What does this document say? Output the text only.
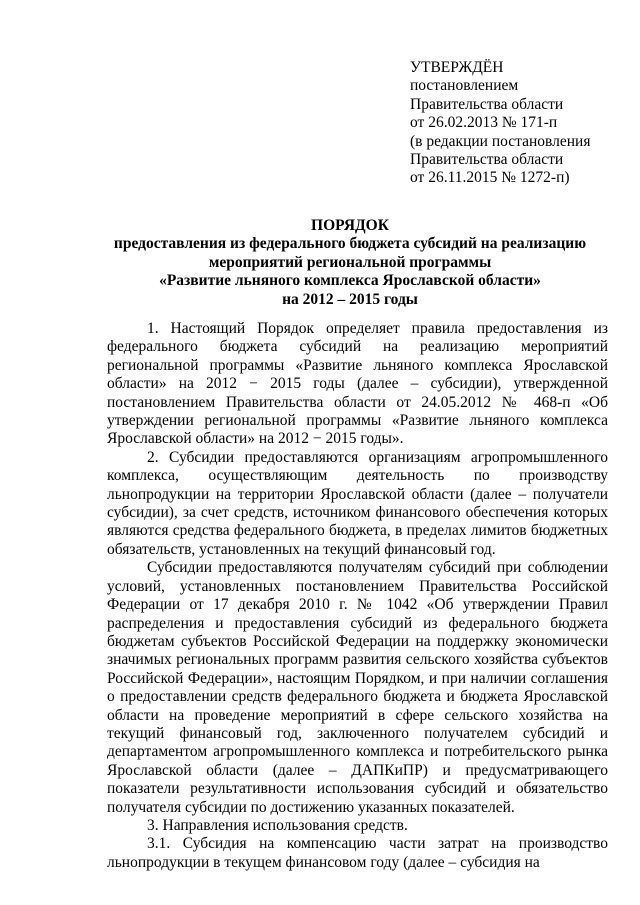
УТВЕРЖДЁН
постановлением
Правительства области
от 26.02.2013 № 171-п
(в редакции постановления
Правительства области
от 26.11.2015 № 1272-п)
ПОРЯДОК
предоставления из федерального бюджета субсидий на реализацию
мероприятий региональной программы
«Развитие льняного комплекса Ярославской области»
на 2012 – 2015 годы

1. Настоящий Порядок определяет правила предоставления из федерального бюджета субсидий на реализацию мероприятий региональной программы «Развитие льняного комплекса Ярославской области» на 2012 − 2015 годы (далее – субсидии), утвержденной постановлением Правительства области от 24.05.2012 № 468-п «Об утверждении региональной программы «Развитие льняного комплекса Ярославской области» на 2012 − 2015 годы».

2. Субсидии предоставляются организациям агропромышленного комплекса, осуществляющим деятельность по производству льнопродукции на территории Ярославской области (далее – получатели субсидии), за счет средств, источником финансового обеспечения которых являются средства федерального бюджета, в пределах лимитов бюджетных обязательств, установленных на текущий финансовый год.

Субсидии предоставляются получателям субсидий при соблюдении условий, установленных постановлением Правительства Российской Федерации от 17 декабря 2010 г. № 1042 «Об утверждении Правил распределения и предоставления субсидий из федерального бюджета бюджетам субъектов Российской Федерации на поддержку экономически значимых региональных программ развития сельского хозяйства субъектов Российской Федерации», настоящим Порядком, и при наличии соглашения о предоставлении средств федерального бюджета и бюджета Ярославской области на проведение мероприятий в сфере сельского хозяйства на текущий финансовый год, заключенного получателем субсидий и департаментом агропромышленного комплекса и потребительского рынка Ярославской области (далее – ДАПКиПР) и предусматривающего показатели результативности использования субсидий и обязательство получателя субсидии по достижению указанных показателей.

3. Направления использования средств.

3.1. Субсидия на компенсацию части затрат на производство льнопродукции в текущем финансовом году (далее – субсидия на
